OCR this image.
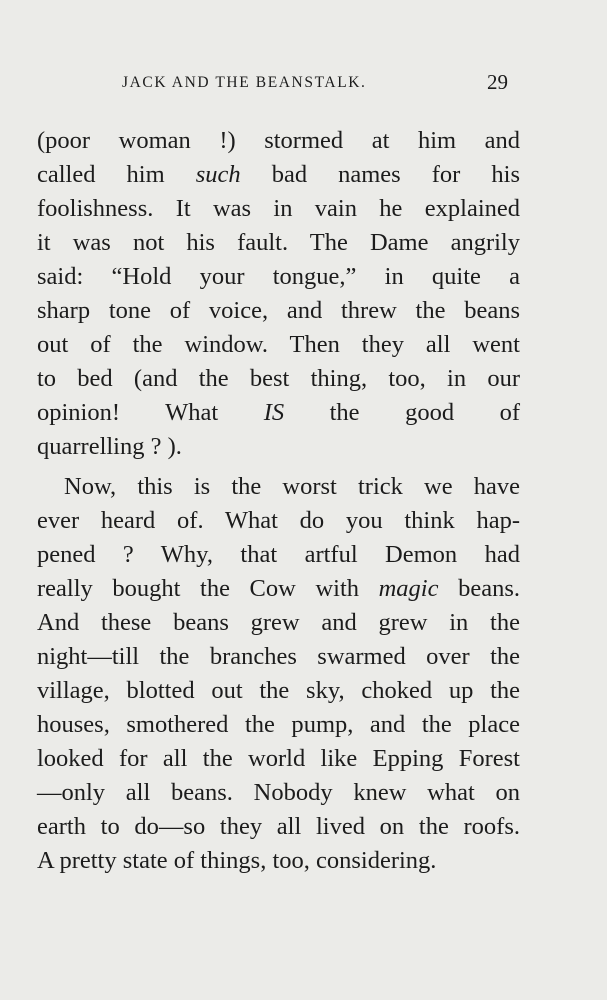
JACK AND THE BEANSTALK.	29
(poor woman !) stormed at him and
called him such bad names for his
foolishness. It was in vain he explained
it was not his fault. The Dame angrily
said: “Hold your tongue,” in quite a
sharp tone of voice, and threw the beans
out of the window. Then they all went
to bed (and the best thing, too, in our
opinion! What IS the good of
quarrelling ? ).
Now, this is the worst trick we have
ever heard of. What do you think hap-
pened ? Why, that artful Demon had
really bought the Cow with magic beans.
And these beans grew and grew in the
night—till the branches swarmed over the
village, blotted out the sky, choked up the
houses, smothered the pump, and the place
looked for all the world like Epping Forest
—only all beans. Nobody knew what on
earth to do—so they all lived on the roofs.
A pretty state of things, too, considering.
